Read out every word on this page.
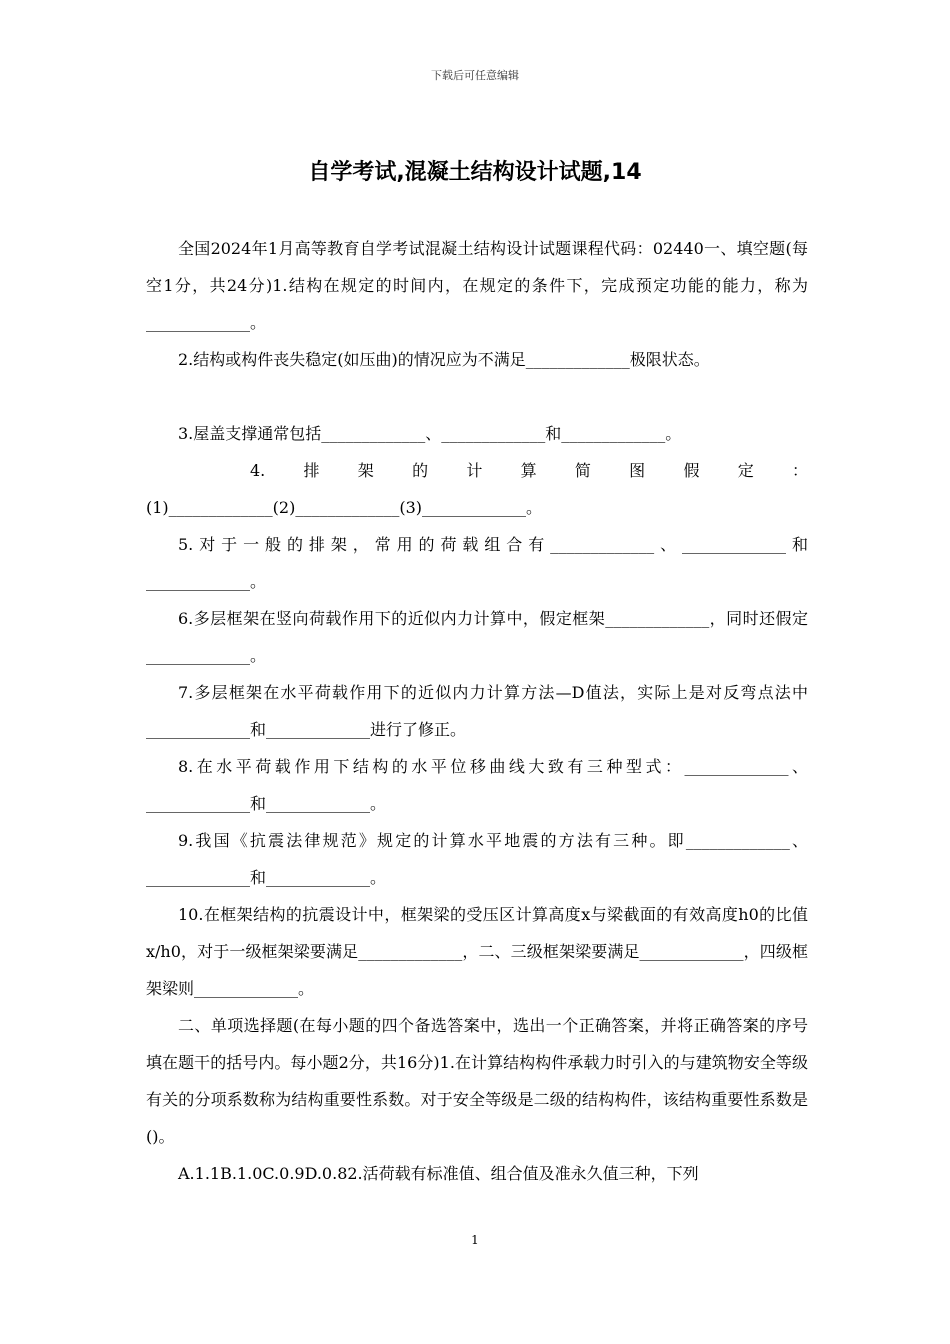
下载后可任意编辑
自学考试,混凝土结构设计试题,14

全国2024年1月高等教育自学考试混凝土结构设计试题课程代码：02440一、填空题(每空1分，共24分)1.结构在规定的时间内，在规定的条件下，完成预定功能的能力，称为_____________。

2.结构或构件丧失稳定(如压曲)的情况应为不满足_____________极限状态。

3.屋盖支撑通常包括_____________、_____________和_____________。

4.排架的计算简图假定：

(1)_____________(2)_____________(3)_____________。

5.对于一般的排架，常用的荷载组合有_____________、_____________和_____________。

6.多层框架在竖向荷载作用下的近似内力计算中，假定框架_____________，同时还假定_____________。

7.多层框架在水平荷载作用下的近似内力计算方法—D值法，实际上是对反弯点法中_____________和_____________进行了修正。

8.在水平荷载作用下结构的水平位移曲线大致有三种型式：_____________、_____________和_____________。

9.我国《抗震法律规范》规定的计算水平地震的方法有三种。即_____________、_____________和_____________。

10.在框架结构的抗震设计中，框架梁的受压区计算高度x与梁截面的有效高度h0的比值x/h0，对于一级框架梁要满足_____________，二、三级框架梁要满足_____________，四级框架梁则_____________。

二、单项选择题(在每小题的四个备选答案中，选出一个正确答案，并将正确答案的序号填在题干的括号内。每小题2分，共16分)1.在计算结构构件承载力时引入的与建筑物安全等级有关的分项系数称为结构重要性系数。对于安全等级是二级的结构构件，该结构重要性系数是()。

A.1.1B.1.0C.0.9D.0.82.活荷载有标准值、组合值及准永久值三种，下列

1
